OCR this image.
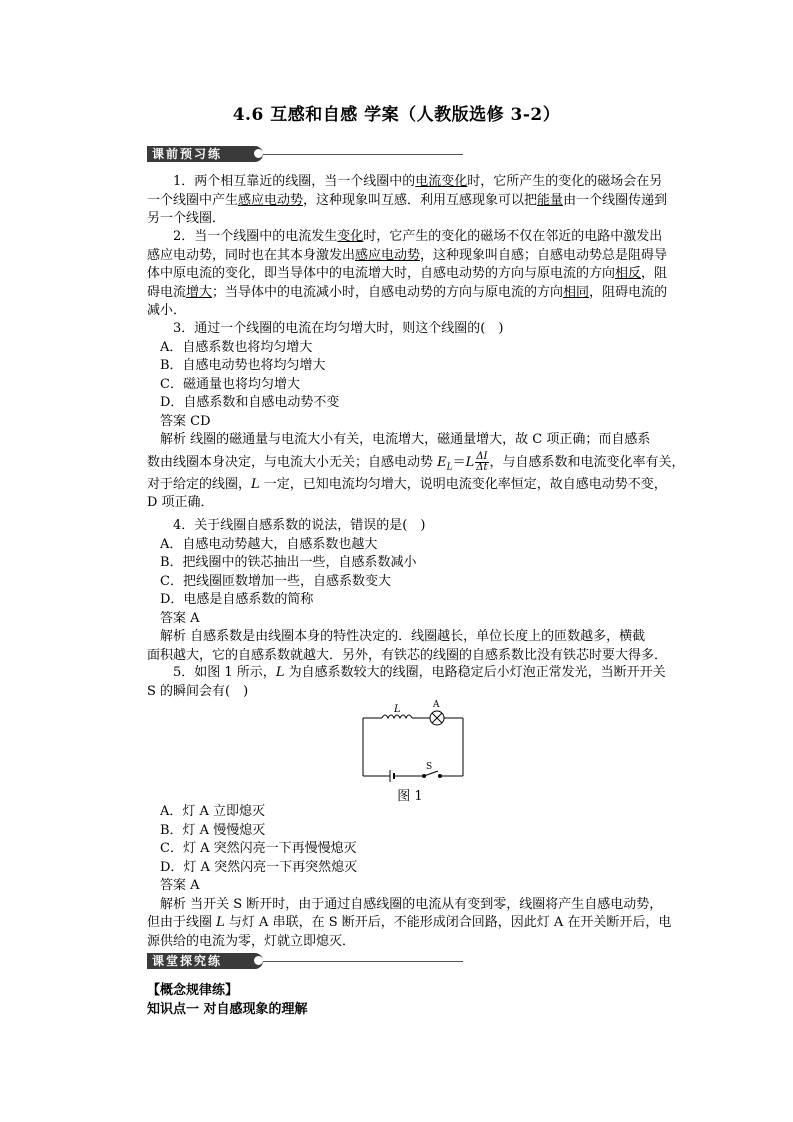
4.6 互感和自感 学案（人教版选修 3-2）
课前预习练
1．两个相互靠近的线圈，当一个线圈中的电流变化时，它所产生的变化的磁场会在另
一个线圈中产生感应电动势，这种现象叫互感．利用互感现象可以把能量由一个线圈传递到
另一个线圈．
2．当一个线圈中的电流发生变化时，它产生的变化的磁场不仅在邻近的电路中激发出
感应电动势，同时也在其本身激发出感应电动势，这种现象叫自感；自感电动势总是阻碍导
体中原电流的变化，即当导体中的电流增大时，自感电动势的方向与原电流的方向相反，阻
碍电流增大；当导体中的电流减小时，自感电动势的方向与原电流的方向相同，阻碍电流的
减小．
3．通过一个线圈的电流在均匀增大时，则这个线圈的(　)
A．自感系数也将均匀增大
B．自感电动势也将均匀增大
C．磁通量也将均匀增大
D．自感系数和自感电动势不变
答案 CD
解析 线圈的磁通量与电流大小有关，电流增大，磁通量增大，故 C 项正确；而自感系
数由线圈本身决定，与电流大小无关；自感电动势 $E_L=L \frac{\Delta I}{\Delta t}$ ，与自感系数和电流变化率有关，
对于给定的线圈，L 一定，已知电流均匀增大，说明电流变化率恒定，故自感电动势不变，
D 项正确．
4．关于线圈自感系数的说法，错误的是(　)
A．自感电动势越大，自感系数也越大
B．把线圈中的铁芯抽出一些，自感系数减小
C．把线圈匝数增加一些，自感系数变大
D．电感是自感系数的简称
答案 A
解析 自感系数是由线圈本身的特性决定的．线圈越长，单位长度上的匝数越多，横截
面积越大，它的自感系数就越大．另外，有铁芯的线圈的自感系数比没有铁芯时要大得多．
5．如图 1 所示，L 为自感系数较大的线圈，电路稳定后小灯泡正常发光，当断开开关
S 的瞬间会有(　)
L	A
S
图 1
A．灯 A 立即熄灭
B．灯 A 慢慢熄灭
C．灯 A 突然闪亮一下再慢慢熄灭
D．灯 A 突然闪亮一下再突然熄灭
答案 A
解析 当开关 S 断开时，由于通过自感线圈的电流从有变到零，线圈将产生自感电动势，
但由于线圈 L 与灯 A 串联，在 S 断开后，不能形成闭合回路，因此灯 A 在开关断开后，电
源供给的电流为零，灯就立即熄灭．
课堂探究练
【概念规律练】
知识点一 对自感现象的理解
